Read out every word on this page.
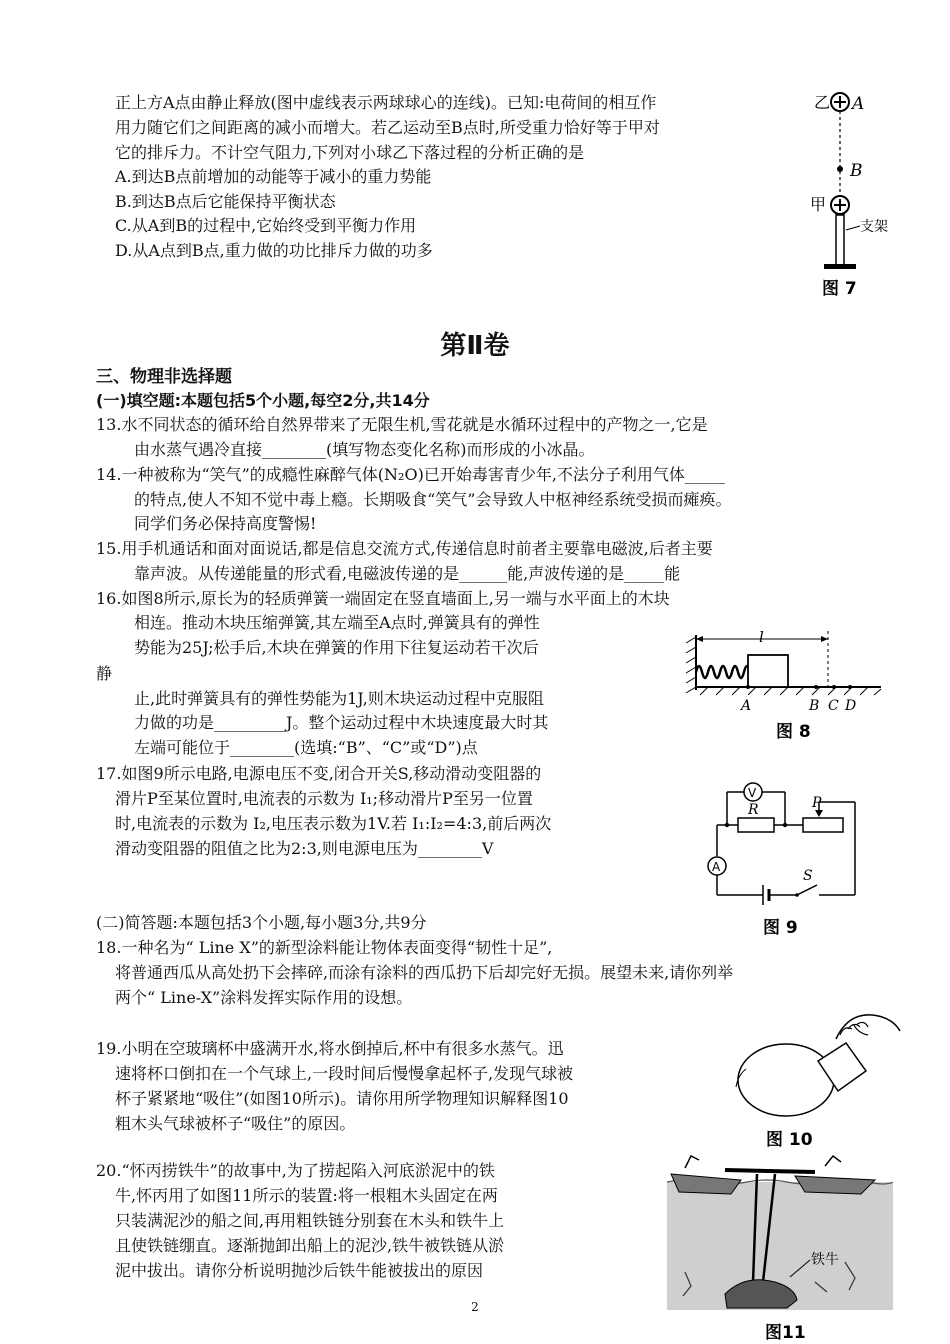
正上方A点由静止释放(图中虚线表示两球球心的连线)。已知:电荷间的相互作
用力随它们之间距离的减小而增大。若乙运动至B点时,所受重力恰好等于甲对
它的排斥力。不计空气阻力,下列对小球乙下落过程的分析正确的是
A.到达B点前增加的动能等于减小的重力势能
B.到达B点后它能保持平衡状态
C.从A到B的过程中,它始终受到平衡力作用
D.从A点到B点,重力做的功比排斥力做的功多
乙 A
B
甲
支架
图 7
第Ⅱ卷
三、物理非选择题
(一)填空题:本题包括5个小题,每空2分,共14分
13.水不同状态的循环给自然界带来了无限生机,雪花就是水循环过程中的产物之一,它是
由水蒸气遇冷直接________(填写物态变化名称)而形成的小冰晶。
14.一种被称为“笑气”的成瘾性麻醉气体(N₂O)已开始毒害青少年,不法分子利用气体_____
的特点,使人不知不觉中毒上瘾。长期吸食“笑气”会导致人中枢神经系统受损而瘫痪。
同学们务必保持高度警惕!
15.用手机通话和面对面说话,都是信息交流方式,传递信息时前者主要靠电磁波,后者主要
靠声波。从传递能量的形式看,电磁波传递的是______能,声波传递的是_____能
16.如图8所示,原长为的轻质弹簧一端固定在竖直墙面上,另一端与水平面上的木块
相连。推动木块压缩弹簧,其左端至A点时,弹簧具有的弹性
势能为25J;松手后,木块在弹簧的作用下往复运动若干次后
静
止,此时弹簧具有的弹性势能为1J,则木块运动过程中克服阻
力做的功是_________J。整个运动过程中木块速度最大时其
左端可能位于________(选填:“B”、“C”或“D”)点
l
A	B C D
图 8
17.如图9所示电路,电源电压不变,闭合开关S,移动滑动变阻器的
滑片P至某位置时,电流表的示数为 I₁;移动滑片P至另一位置
时,电流表的示数为 I₂,电压表示数为1V.若 I₁:I₂=4:3,前后两次
滑动变阻器的阻值之比为2:3,则电源电压为________V
V
R	P
A
S
图 9
(二)简答题:本题包括3个小题,每小题3分,共9分
18.一种名为“ Line X”的新型涂料能让物体表面变得“韧性十足”,
将普通西瓜从高处扔下会摔碎,而涂有涂料的西瓜扔下后却完好无损。展望未来,请你列举
两个“ Line-X”涂料发挥实际作用的设想。
19.小明在空玻璃杯中盛满开水,将水倒掉后,杯中有很多水蒸气。迅
速将杯口倒扣在一个气球上,一段时间后慢慢拿起杯子,发现气球被
杯子紧紧地“吸住”(如图10所示)。请你用所学物理知识解释图10
粗木头气球被杯子“吸住”的原因。
图 10
20.“怀丙捞铁牛”的故事中,为了捞起陷入河底淤泥中的铁
牛,怀丙用了如图11所示的装置:将一根粗木头固定在两
只装满泥沙的船之间,再用粗铁链分别套在木头和铁牛上
且使铁链绷直。逐渐抛卸出船上的泥沙,铁牛被铁链从淤
泥中拔出。请你分析说明抛沙后铁牛能被拔出的原因
铁牛
图11
2
